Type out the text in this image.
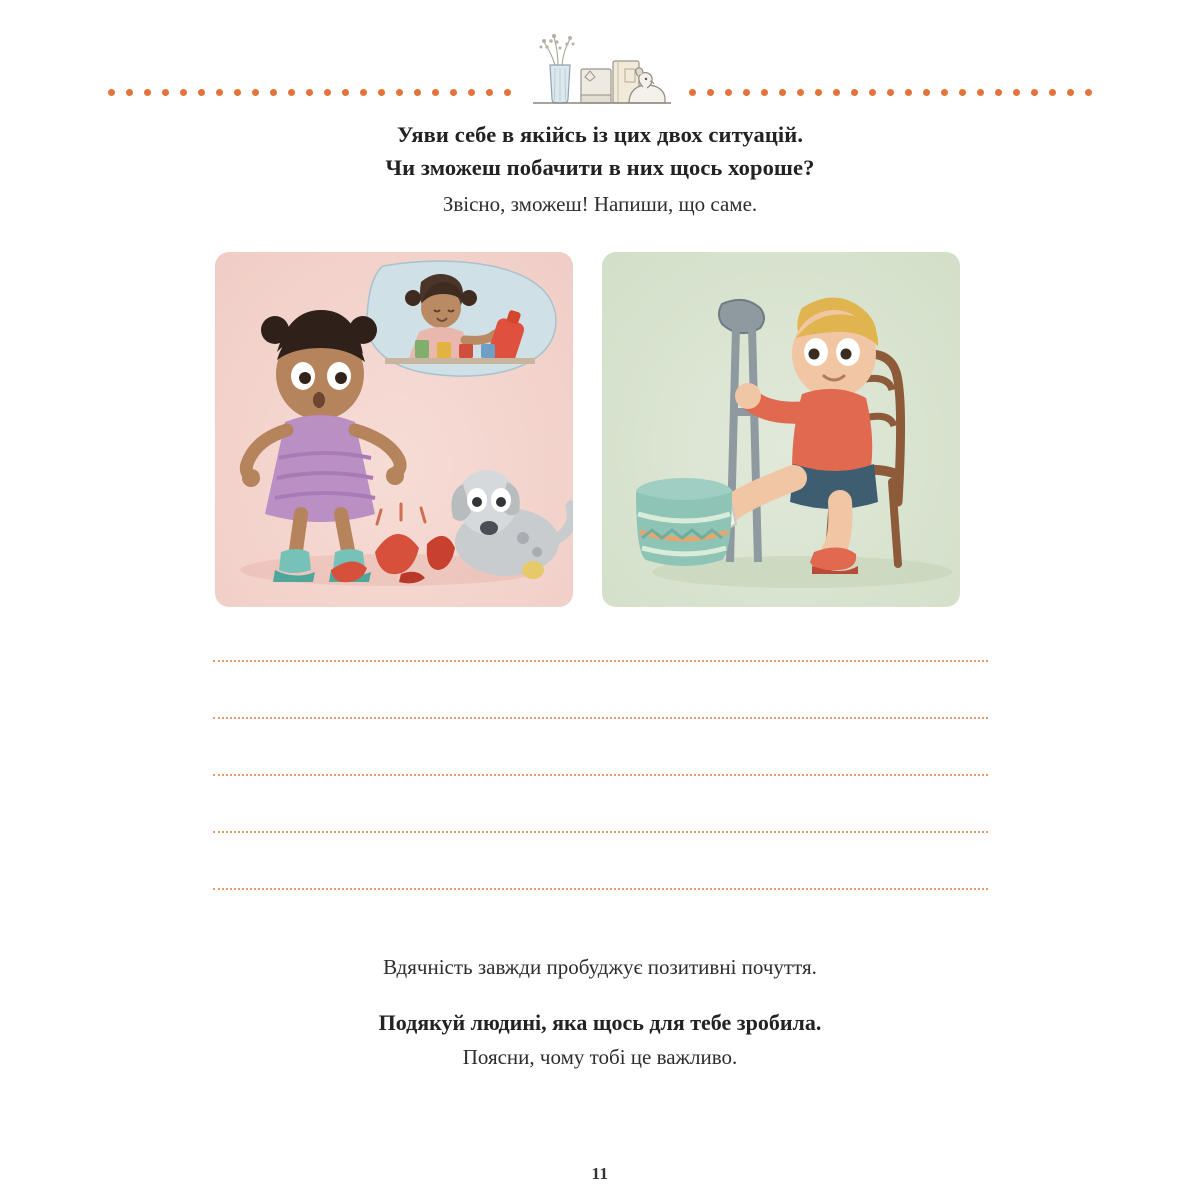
Уяви себе в якійсь із цих двох ситуацій.
Чи зможеш побачити в них щось хороше?
Звісно, зможеш! Напиши, що саме.
Вдячність завжди пробуджує позитивні почуття.
Подякуй людині, яка щось для тебе зробила.
Поясни, чому тобі це важливо.
11
